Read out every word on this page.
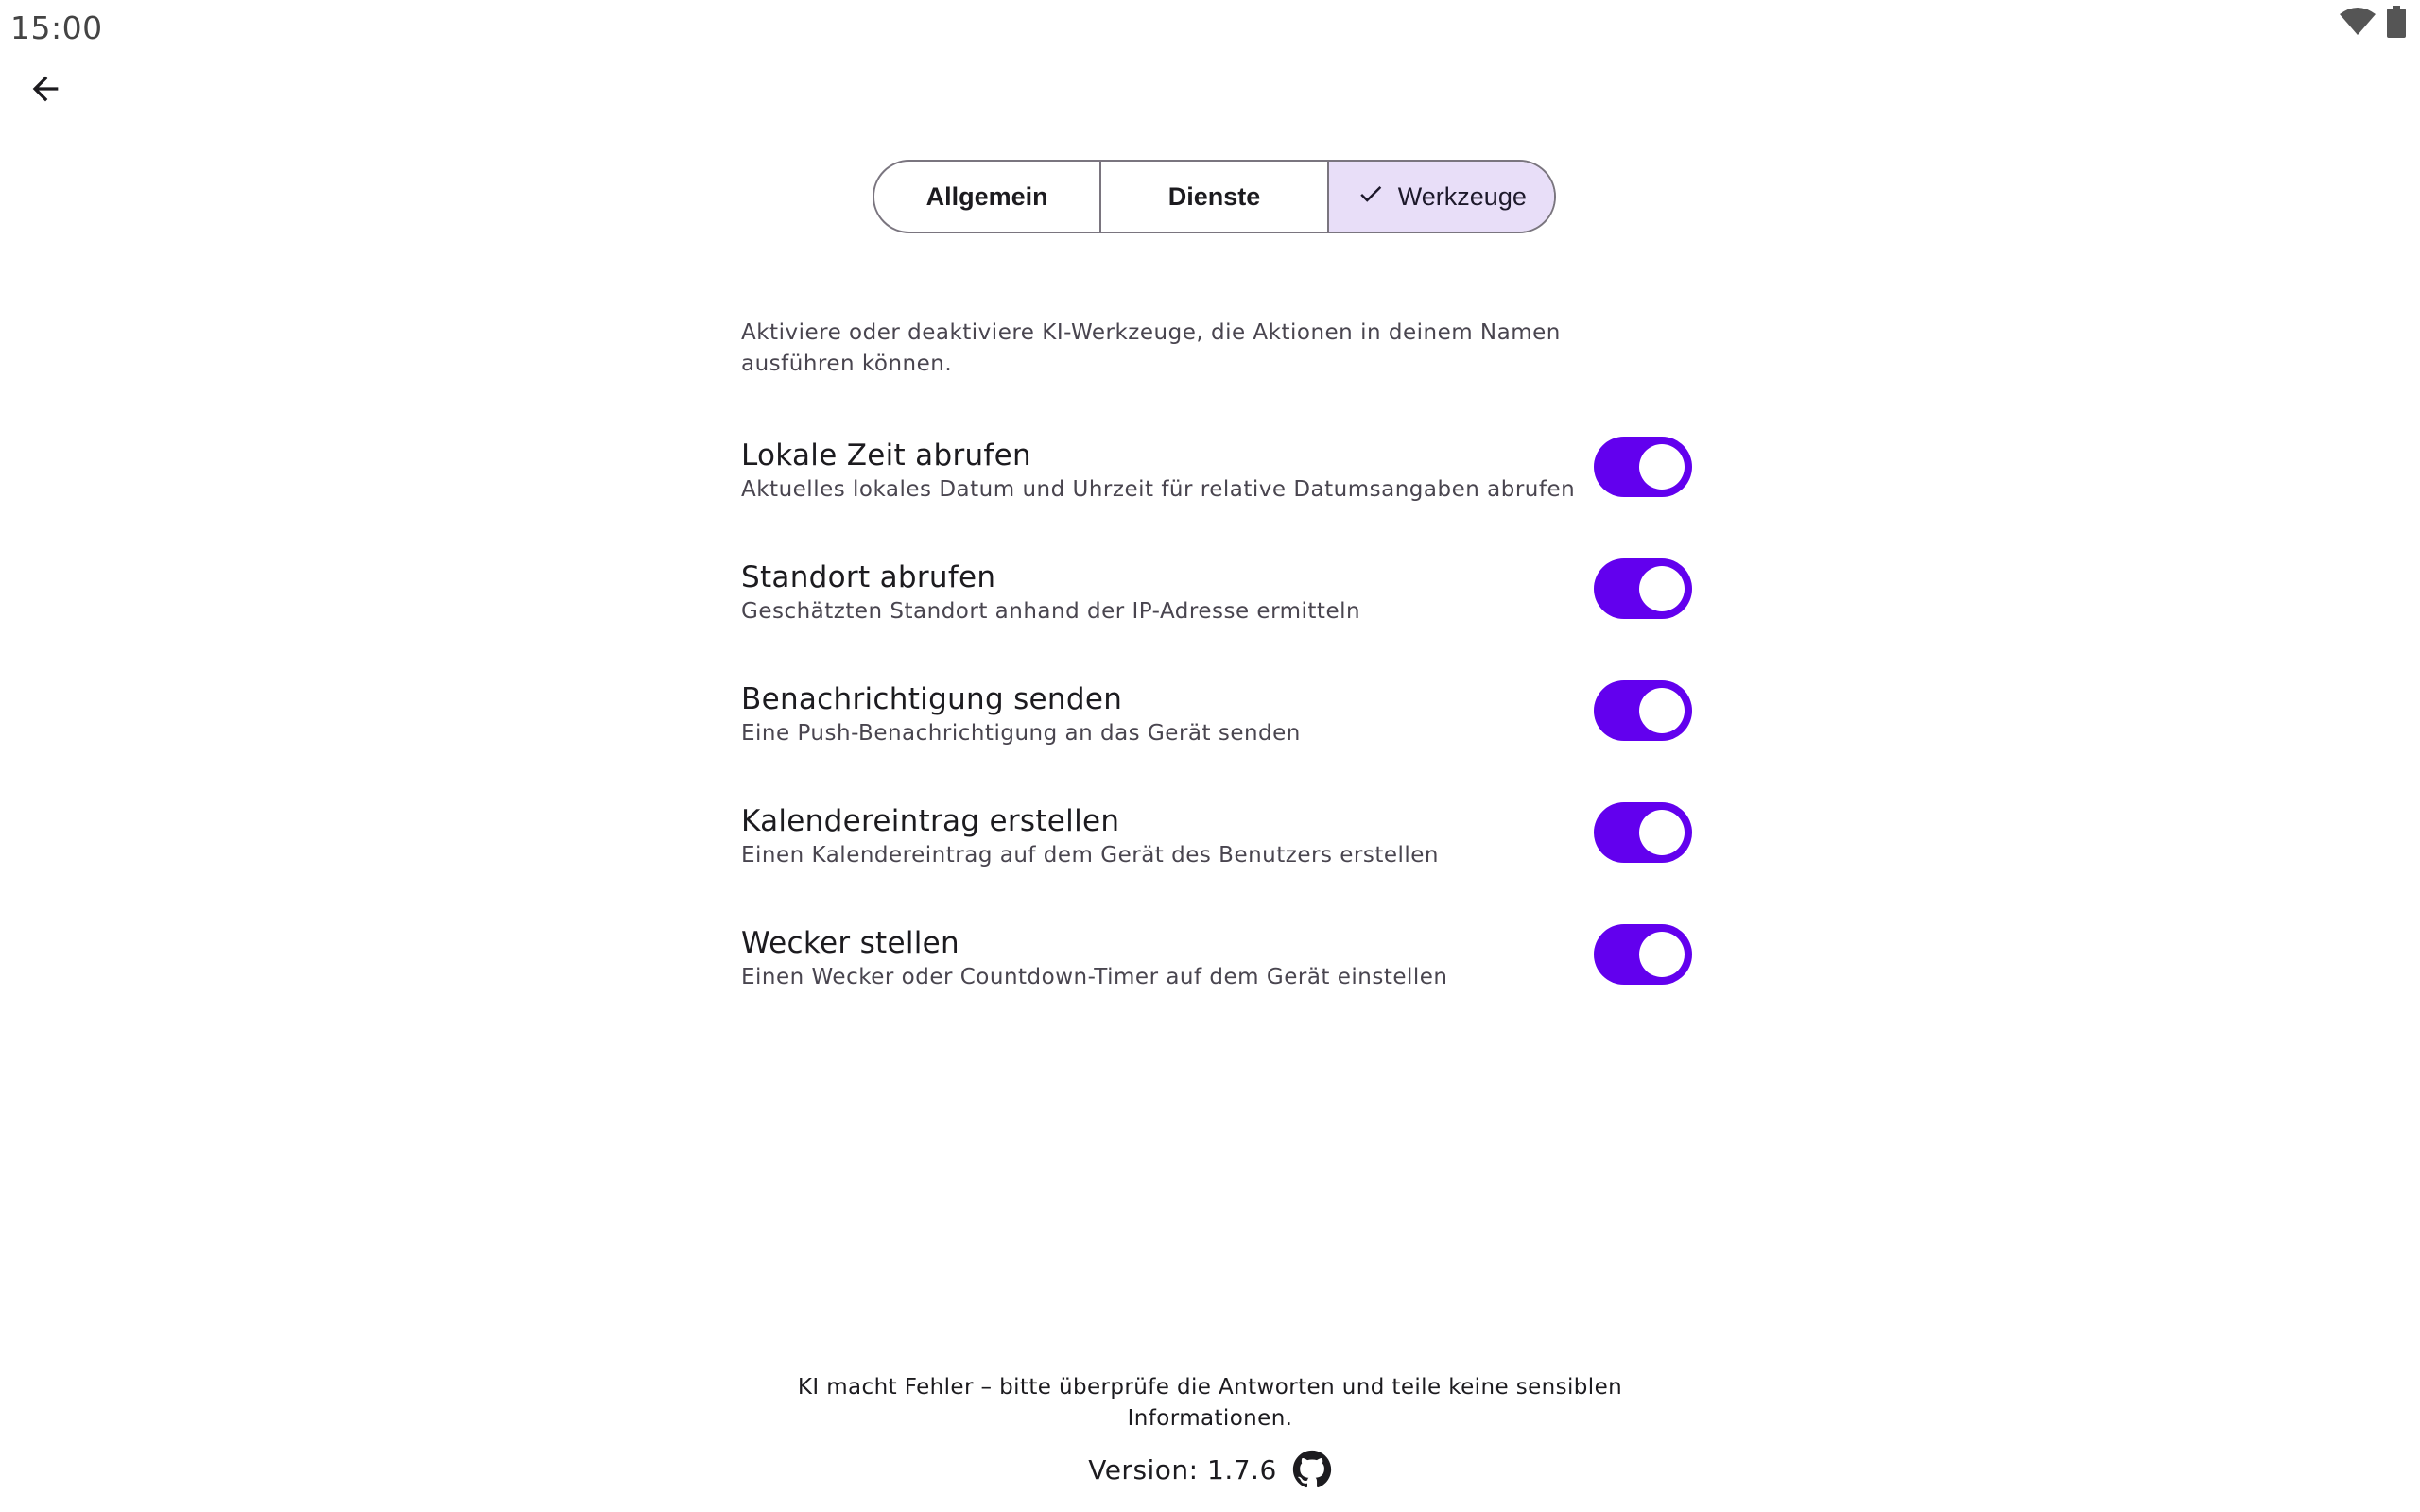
15:00
Allgemein	Dienste	Werkzeuge

Aktiviere oder deaktiviere KI-Werkzeuge, die Aktionen in deinem Namen ausführen können.

Lokale Zeit abrufen
Aktuelles lokales Datum und Uhrzeit für relative Datumsangaben abrufen
Standort abrufen
Geschätzten Standort anhand der IP-Adresse ermitteln
Benachrichtigung senden
Eine Push-Benachrichtigung an das Gerät senden
Kalendereintrag erstellen
Einen Kalendereintrag auf dem Gerät des Benutzers erstellen
Wecker stellen
Einen Wecker oder Countdown-Timer auf dem Gerät einstellen
KI macht Fehler – bitte überprüfe die Antworten und teile keine sensiblen Informationen.
Version: 1.7.6
